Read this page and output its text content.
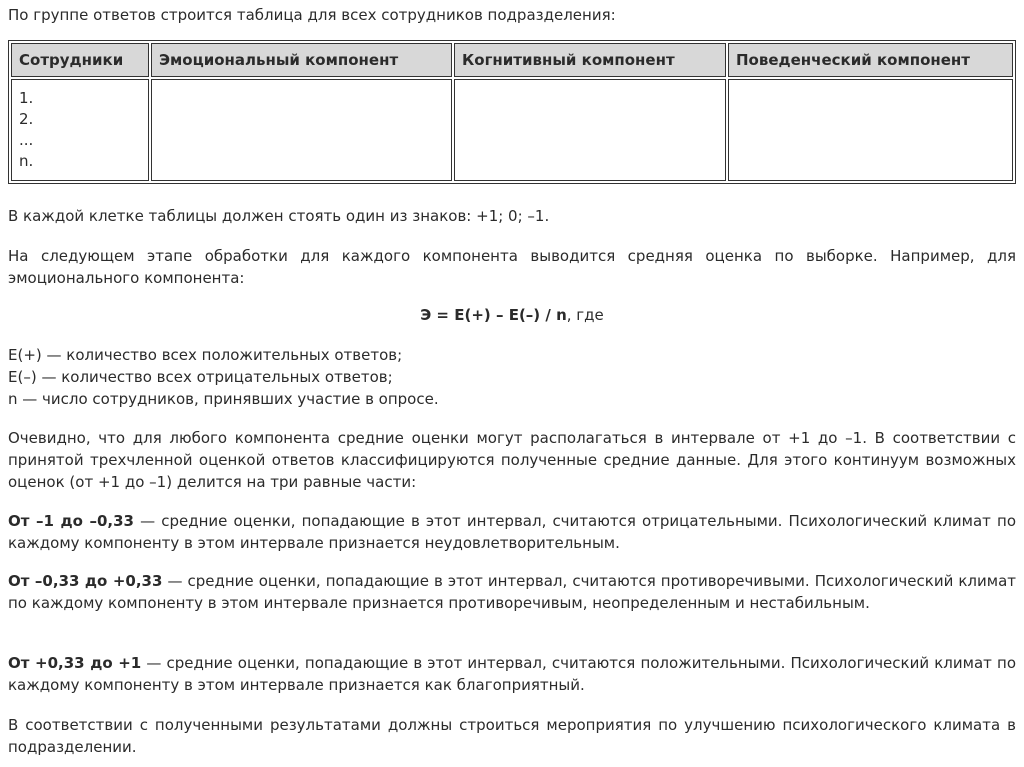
По группе ответов строится таблица для всех сотрудников подразделения:

Сотрудники	Эмоциональный компонент	Когнитивный компонент	Поведенческий компонент

1.
2.
...
n.			

В каждой клетке таблицы должен стоять один из знаков: +1; 0; –1.

На следующем этапе обработки для каждого компонента выводится средняя оценка по выборке. Например, для эмоционального компонента:

Э = E(+) – E(–) / n, где

E(+) — количество всех положительных ответов;
E(–) — количество всех отрицательных ответов;
n — число сотрудников, принявших участие в опросе.

Очевидно, что для любого компонента средние оценки могут располагаться в интервале от +1 до –1. В соответствии с принятой трехчленной оценкой ответов классифицируются полученные средние данные. Для этого континуум возможных оценок (от +1 до –1) делится на три равные части:

От –1 до –0,33 — средние оценки, попадающие в этот интервал, считаются отрицательными. Психологический климат по каждому компоненту в этом интервале признается неудовлетворительным.

От –0,33 до +0,33 — средние оценки, попадающие в этот интервал, считаются противоречивыми. Психологический климат по каждому компоненту в этом интервале признается противоречивым, неопределенным и нестабильным.

От +0,33 до +1 — средние оценки, попадающие в этот интервал, считаются положительными. Психологический климат по каждому компоненту в этом интервале признается как благоприятный.

В соответствии с полученными результатами должны строиться мероприятия по улучшению психологического климата в подразделении.
